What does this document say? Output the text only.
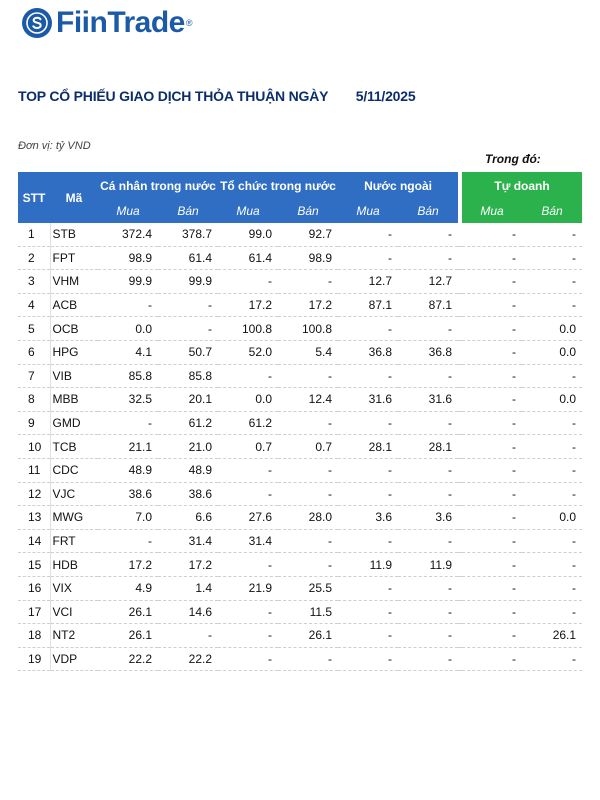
FiinTrade ®
TOP CỔ PHIẾU GIAO DỊCH THỎA THUẬN NGÀY 5/11/2025
Đơn vị: tỷ VND
Trong đó:
STT	Mã	Cá nhân trong nước		Tổ chức trong nước		Nước ngoài			Tự doanh	
		Mua	Bán	Mua	Bán	Mua	Bán		Mua	Bán
1	STB	372.4	378.7	99.0	92.7	-	-		-	-
2	FPT	98.9	61.4	61.4	98.9	-	-		-	-
3	VHM	99.9	99.9	-	-	12.7	12.7		-	-
4	ACB	-	-	17.2	17.2	87.1	87.1		-	-
5	OCB	0.0	-	100.8	100.8	-	-		-	0.0
6	HPG	4.1	50.7	52.0	5.4	36.8	36.8		-	0.0
7	VIB	85.8	85.8	-	-	-	-		-	-
8	MBB	32.5	20.1	0.0	12.4	31.6	31.6		-	0.0
9	GMD	-	61.2	61.2	-	-	-		-	-
10	TCB	21.1	21.0	0.7	0.7	28.1	28.1		-	-
11	CDC	48.9	48.9	-	-	-	-		-	-
12	VJC	38.6	38.6	-	-	-	-		-	-
13	MWG	7.0	6.6	27.6	28.0	3.6	3.6		-	0.0
14	FRT	-	31.4	31.4	-	-	-		-	-
15	HDB	17.2	17.2	-	-	11.9	11.9		-	-
16	VIX	4.9	1.4	21.9	25.5	-	-		-	-
17	VCI	26.1	14.6	-	11.5	-	-		-	-
18	NT2	26.1	-	-	26.1	-	-		-	26.1
19	VDP	22.2	22.2	-	-	-	-		-	-
